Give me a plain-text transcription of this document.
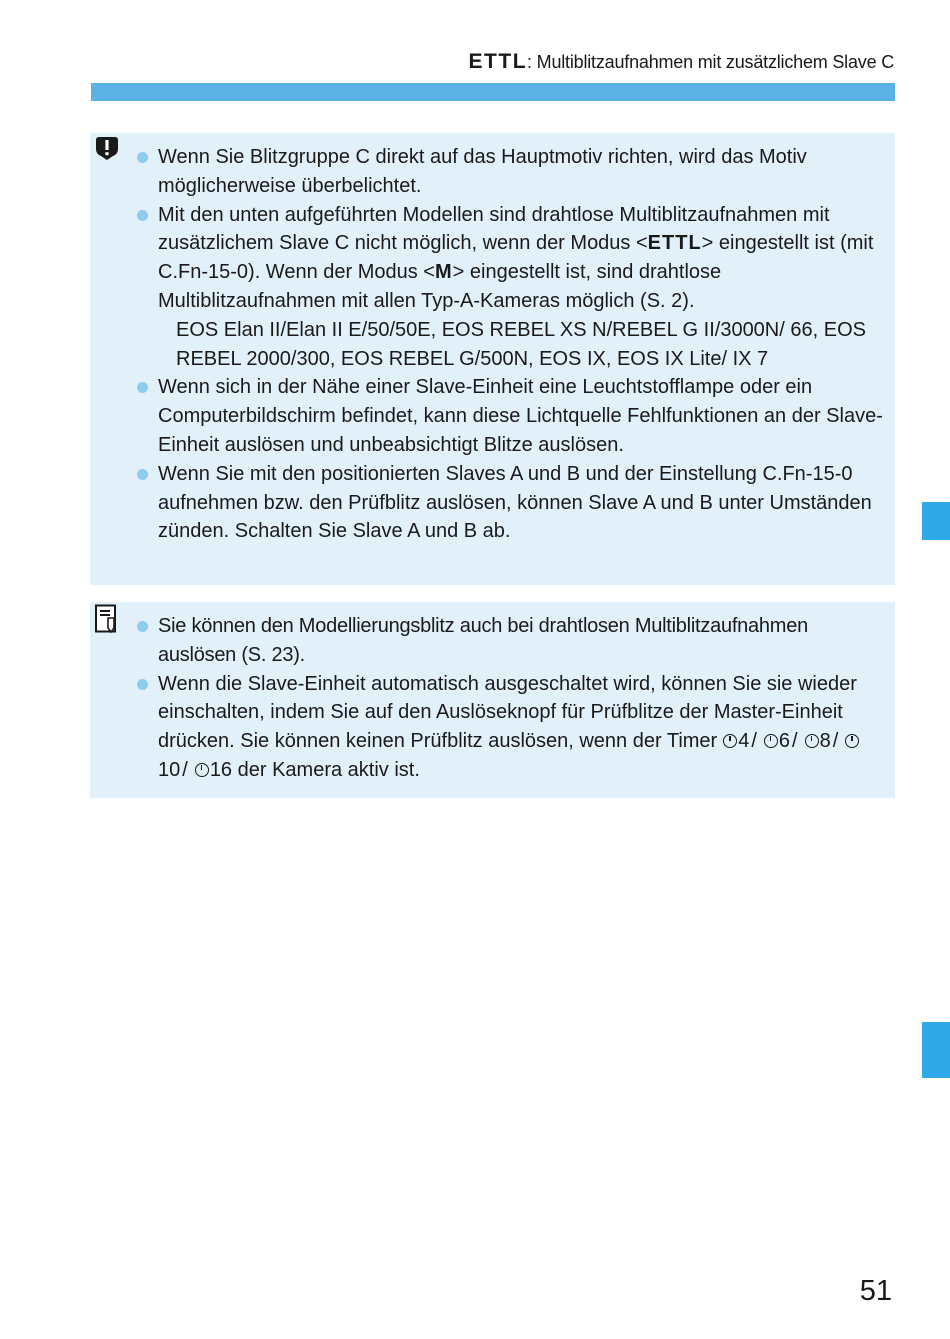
ETTL: Multiblitzaufnahmen mit zusätzlichem Slave C
Wenn Sie Blitzgruppe C direkt auf das Hauptmotiv richten, wird das Motiv möglicherweise überbelichtet.
Mit den unten aufgeführten Modellen sind drahtlose Multiblitzaufnahmen mit zusätzlichem Slave C nicht möglich, wenn der Modus <ETTL> eingestellt ist (mit C.Fn-15-0). Wenn der Modus <M> eingestellt ist, sind drahtlose Multiblitzaufnahmen mit allen Typ-A-Kameras möglich (S. 2).
EOS Elan II/Elan II E/50/50E, EOS REBEL XS N/REBEL G II/3000N/ 66, EOS REBEL 2000/300, EOS REBEL G/500N, EOS IX, EOS IX Lite/ IX 7
Wenn sich in der Nähe einer Slave-Einheit eine Leuchtstofflampe oder ein Computerbildschirm befindet, kann diese Lichtquelle Fehlfunktionen an der Slave-Einheit auslösen und unbeabsichtigt Blitze auslösen.
Wenn Sie mit den positionierten Slaves A und B und der Einstellung C.Fn-15-0 aufnehmen bzw. den Prüfblitz auslösen, können Slave A und B unter Umständen zünden. Schalten Sie Slave A und B ab.
Sie können den Modellierungsblitz auch bei drahtlosen Multiblitzaufnahmen auslösen (S. 23).
Wenn die Slave-Einheit automatisch ausgeschaltet wird, können Sie sie wieder einschalten, indem Sie auf den Auslöseknopf für Prüfblitze der Master-Einheit drücken. Sie können keinen Prüfblitz auslösen, wenn der Timer 4 / 6 / 8 /10 / 16 der Kamera aktiv ist.
51
